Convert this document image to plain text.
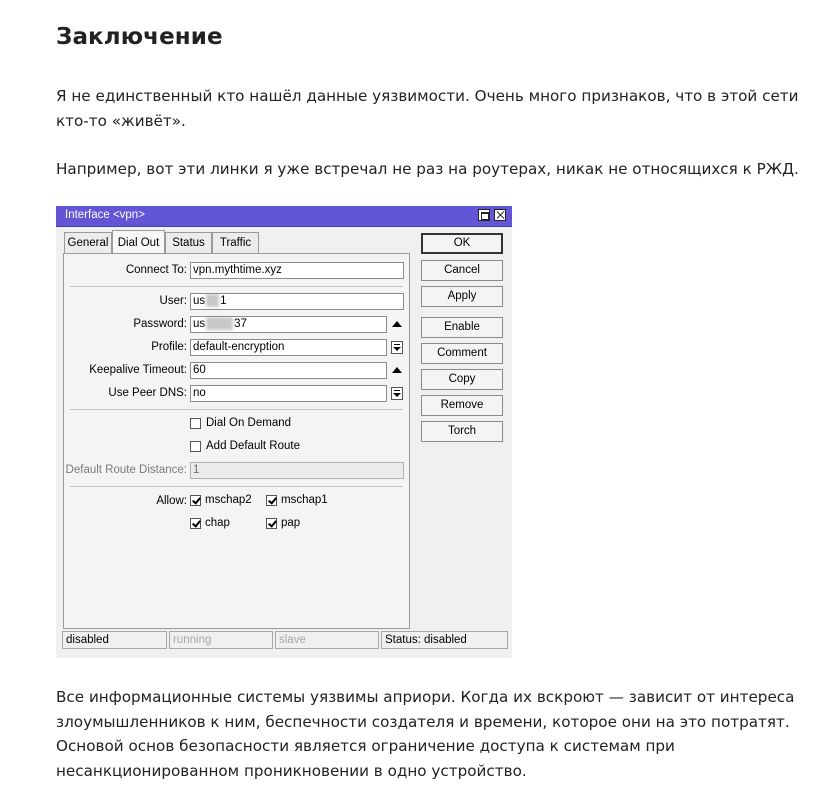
Заключение

Я не единственный кто нашёл данные уязвимости. Очень много признаков, что в этой сети кто-то «живёт».

Например, вот эти линки я уже встречал не раз на роутерах, никак не относящихся к РЖД.

Interface <vpn>
General Dial Out	Status	Traffic
Connect To: vpn.mythtime.xyz
User: us 1
Password: us	37
Profile: default-encryption
Keepalive Timeout: 60
Use Peer DNS: no
Dial On Demand
Add Default Route
Default Route Distance: 1
Allow: mschap2	mschap1
chap	pap
OK
Cancel
Apply
Enable
Comment
Copy
Remove
Torch
disabled	running	slave	Status: disabled

Все информационные системы уязвимы априори. Когда их вскроют — зависит от интереса злоумышленников к ним, беспечности создателя и времени, которое они на это потратят. Основой основ безопасности является ограничение доступа к системам при несанкционированном проникновении в одно устройство.
